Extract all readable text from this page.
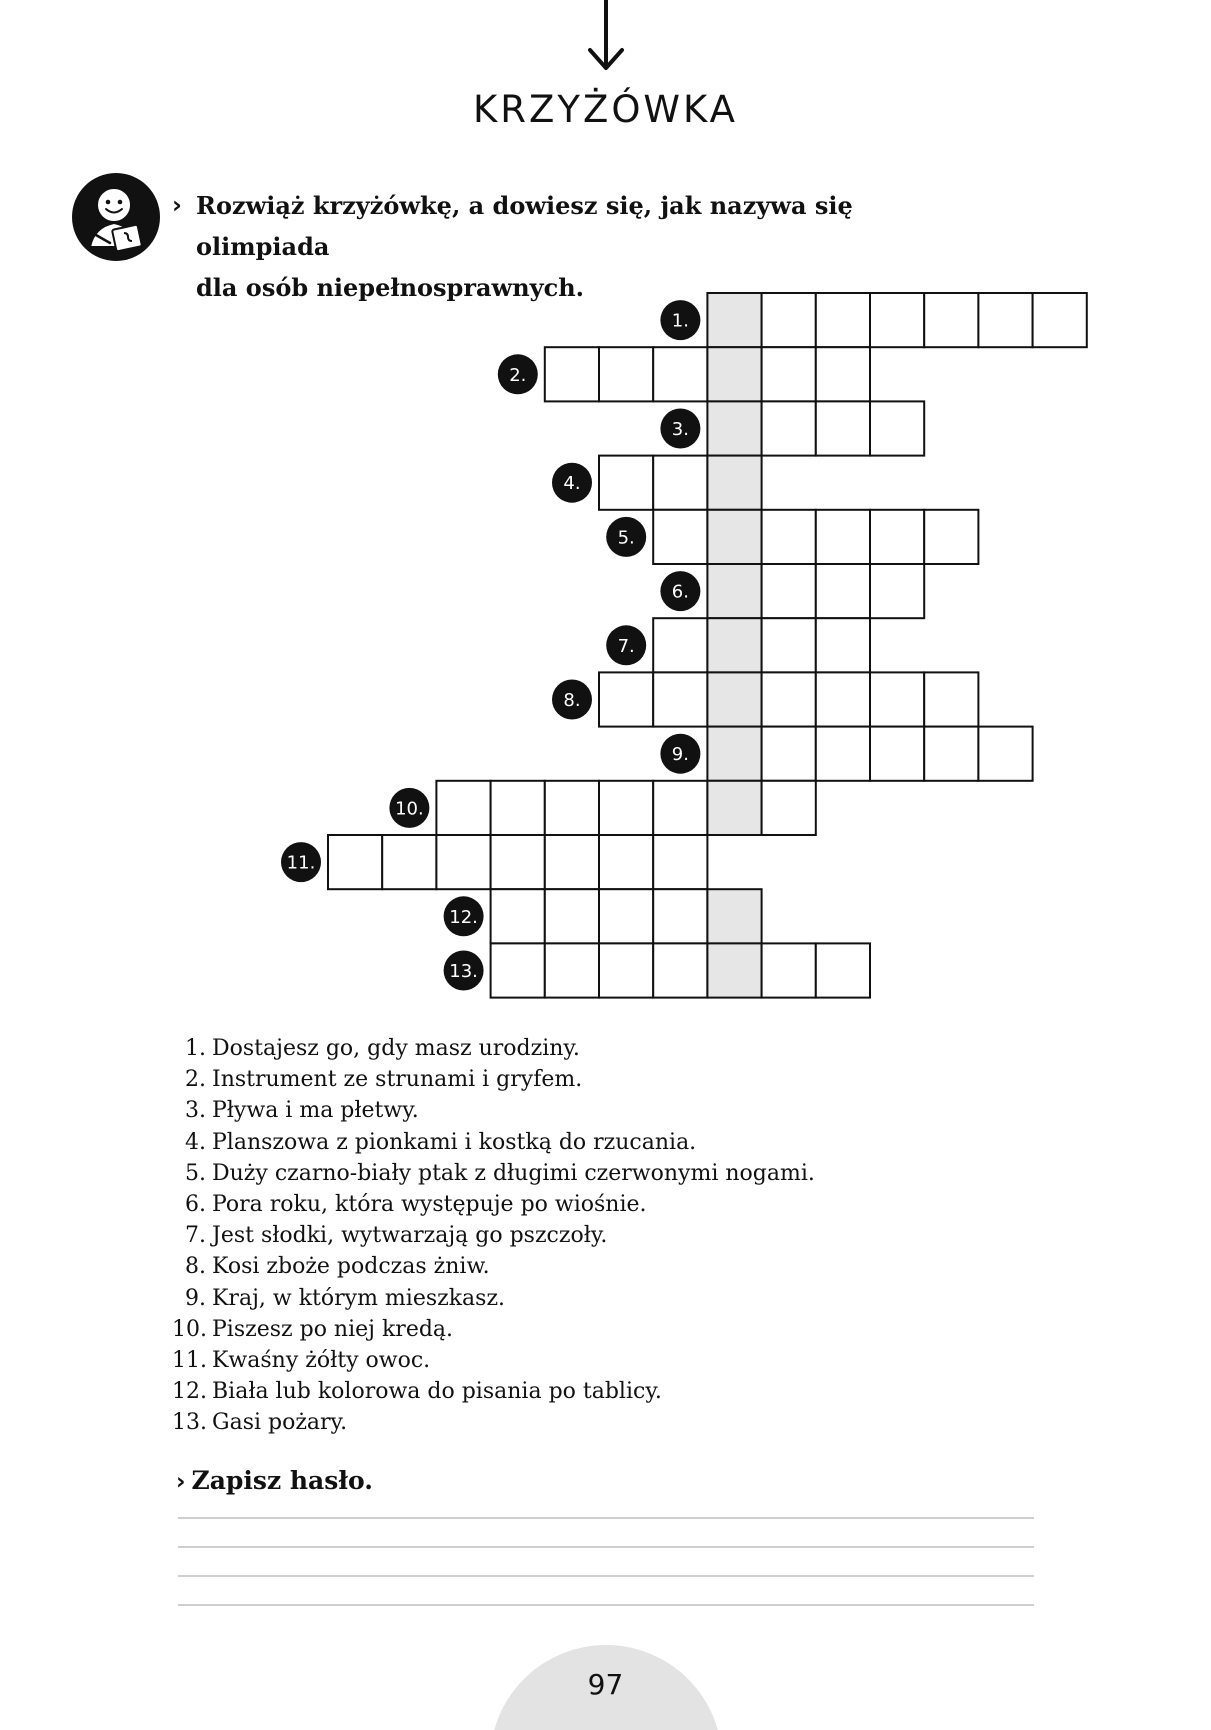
KRZYŻÓWKA
› Rozwiąż krzyżówkę, a dowiesz się, jak nazywa się olimpiada
dla osób niepełnosprawnych.
1.
2.
3.
4.
5.
6.
7.
8.
9.
10.
11.
12.
13.
1. Dostajesz go, gdy masz urodziny.
2. Instrument ze strunami i gryfem.
3. Pływa i ma płetwy.
4. Planszowa z pionkami i kostką do rzucania.
5. Duży czarno-biały ptak z długimi czerwonymi nogami.
6. Pora roku, która występuje po wiośnie.
7. Jest słodki, wytwarzają go pszczoły.
8. Kosi zboże podczas żniw.
9. Kraj, w którym mieszkasz.
10. Piszesz po niej kredą.
11. Kwaśny żółty owoc.
12. Biała lub kolorowa do pisania po tablicy.
13. Gasi pożary.
› Zapisz hasło.
97
